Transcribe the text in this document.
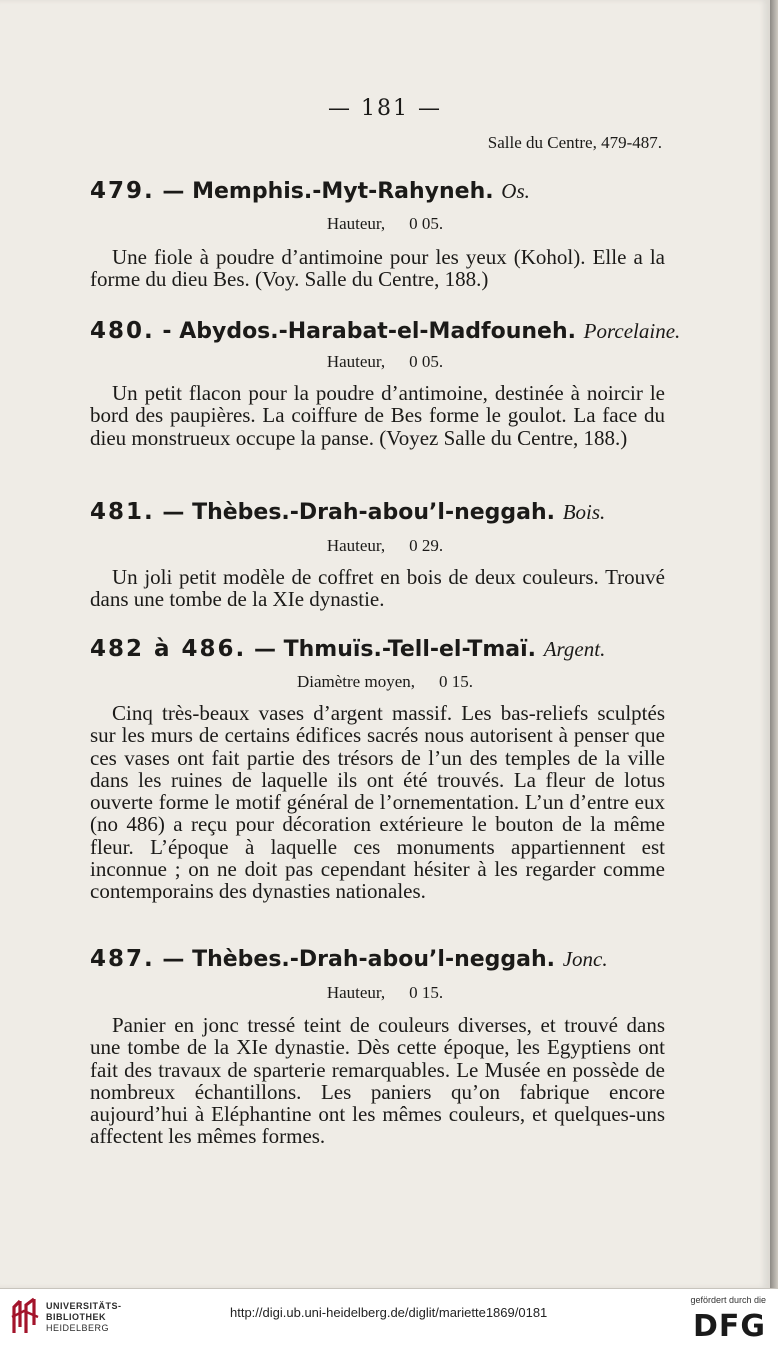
— 181 —
Salle du Centre, 479-487.
479. — Memphis.-Myt-Rahyneh. Os.
Hauteur, 0 05.
Une fiole à poudre d’antimoine pour les yeux (Kohol). Elle a la forme du dieu Bes. (Voy. Salle du Centre, 188.)
480. - Abydos.-Harabat-el-Madfouneh. Porcelaine.
Hauteur, 0 05.
Un petit flacon pour la poudre d’antimoine, destinée à noircir le bord des paupières. La coiffure de Bes forme le goulot. La face du dieu monstrueux occupe la panse. (Voyez Salle du Centre, 188.)
481. — Thèbes.-Drah-abou’l-neggah. Bois.
Hauteur, 0 29.
Un joli petit modèle de coffret en bois de deux couleurs. Trouvé dans une tombe de la XIe dynastie.
482 à 486. — Thmuïs.-Tell-el-Tmaï. Argent.
Diamètre moyen, 0 15.
Cinq très-beaux vases d’argent massif. Les bas-reliefs sculptés sur les murs de certains édifices sacrés nous autorisent à penser que ces vases ont fait partie des trésors de l’un des temples de la ville dans les ruines de laquelle ils ont été trouvés. La fleur de lotus ouverte forme le motif général de l’ornementation. L’un d’entre eux (no 486) a reçu pour décoration extérieure le bouton de la même fleur. L’époque à laquelle ces monuments appartiennent est inconnue ; on ne doit pas cependant hésiter à les regarder comme contemporains des dynasties nationales.
487. — Thèbes.-Drah-abou’l-neggah. Jonc.
Hauteur, 0 15.
Panier en jonc tressé teint de couleurs diverses, et trouvé dans une tombe de la XIe dynastie. Dès cette époque, les Egyptiens ont fait des travaux de sparterie remarquables. Le Musée en possède de nombreux échantillons. Les paniers qu’on fabrique encore aujourd’hui à Eléphantine ont les mêmes couleurs, et quelques-uns affectent les mêmes formes.
UNIVERSITÄTS-
BIBLIOTHEK
HEIDELBERG
http://digi.ub.uni-heidelberg.de/diglit/mariette1869/0181
gefördert durch die
DFG
